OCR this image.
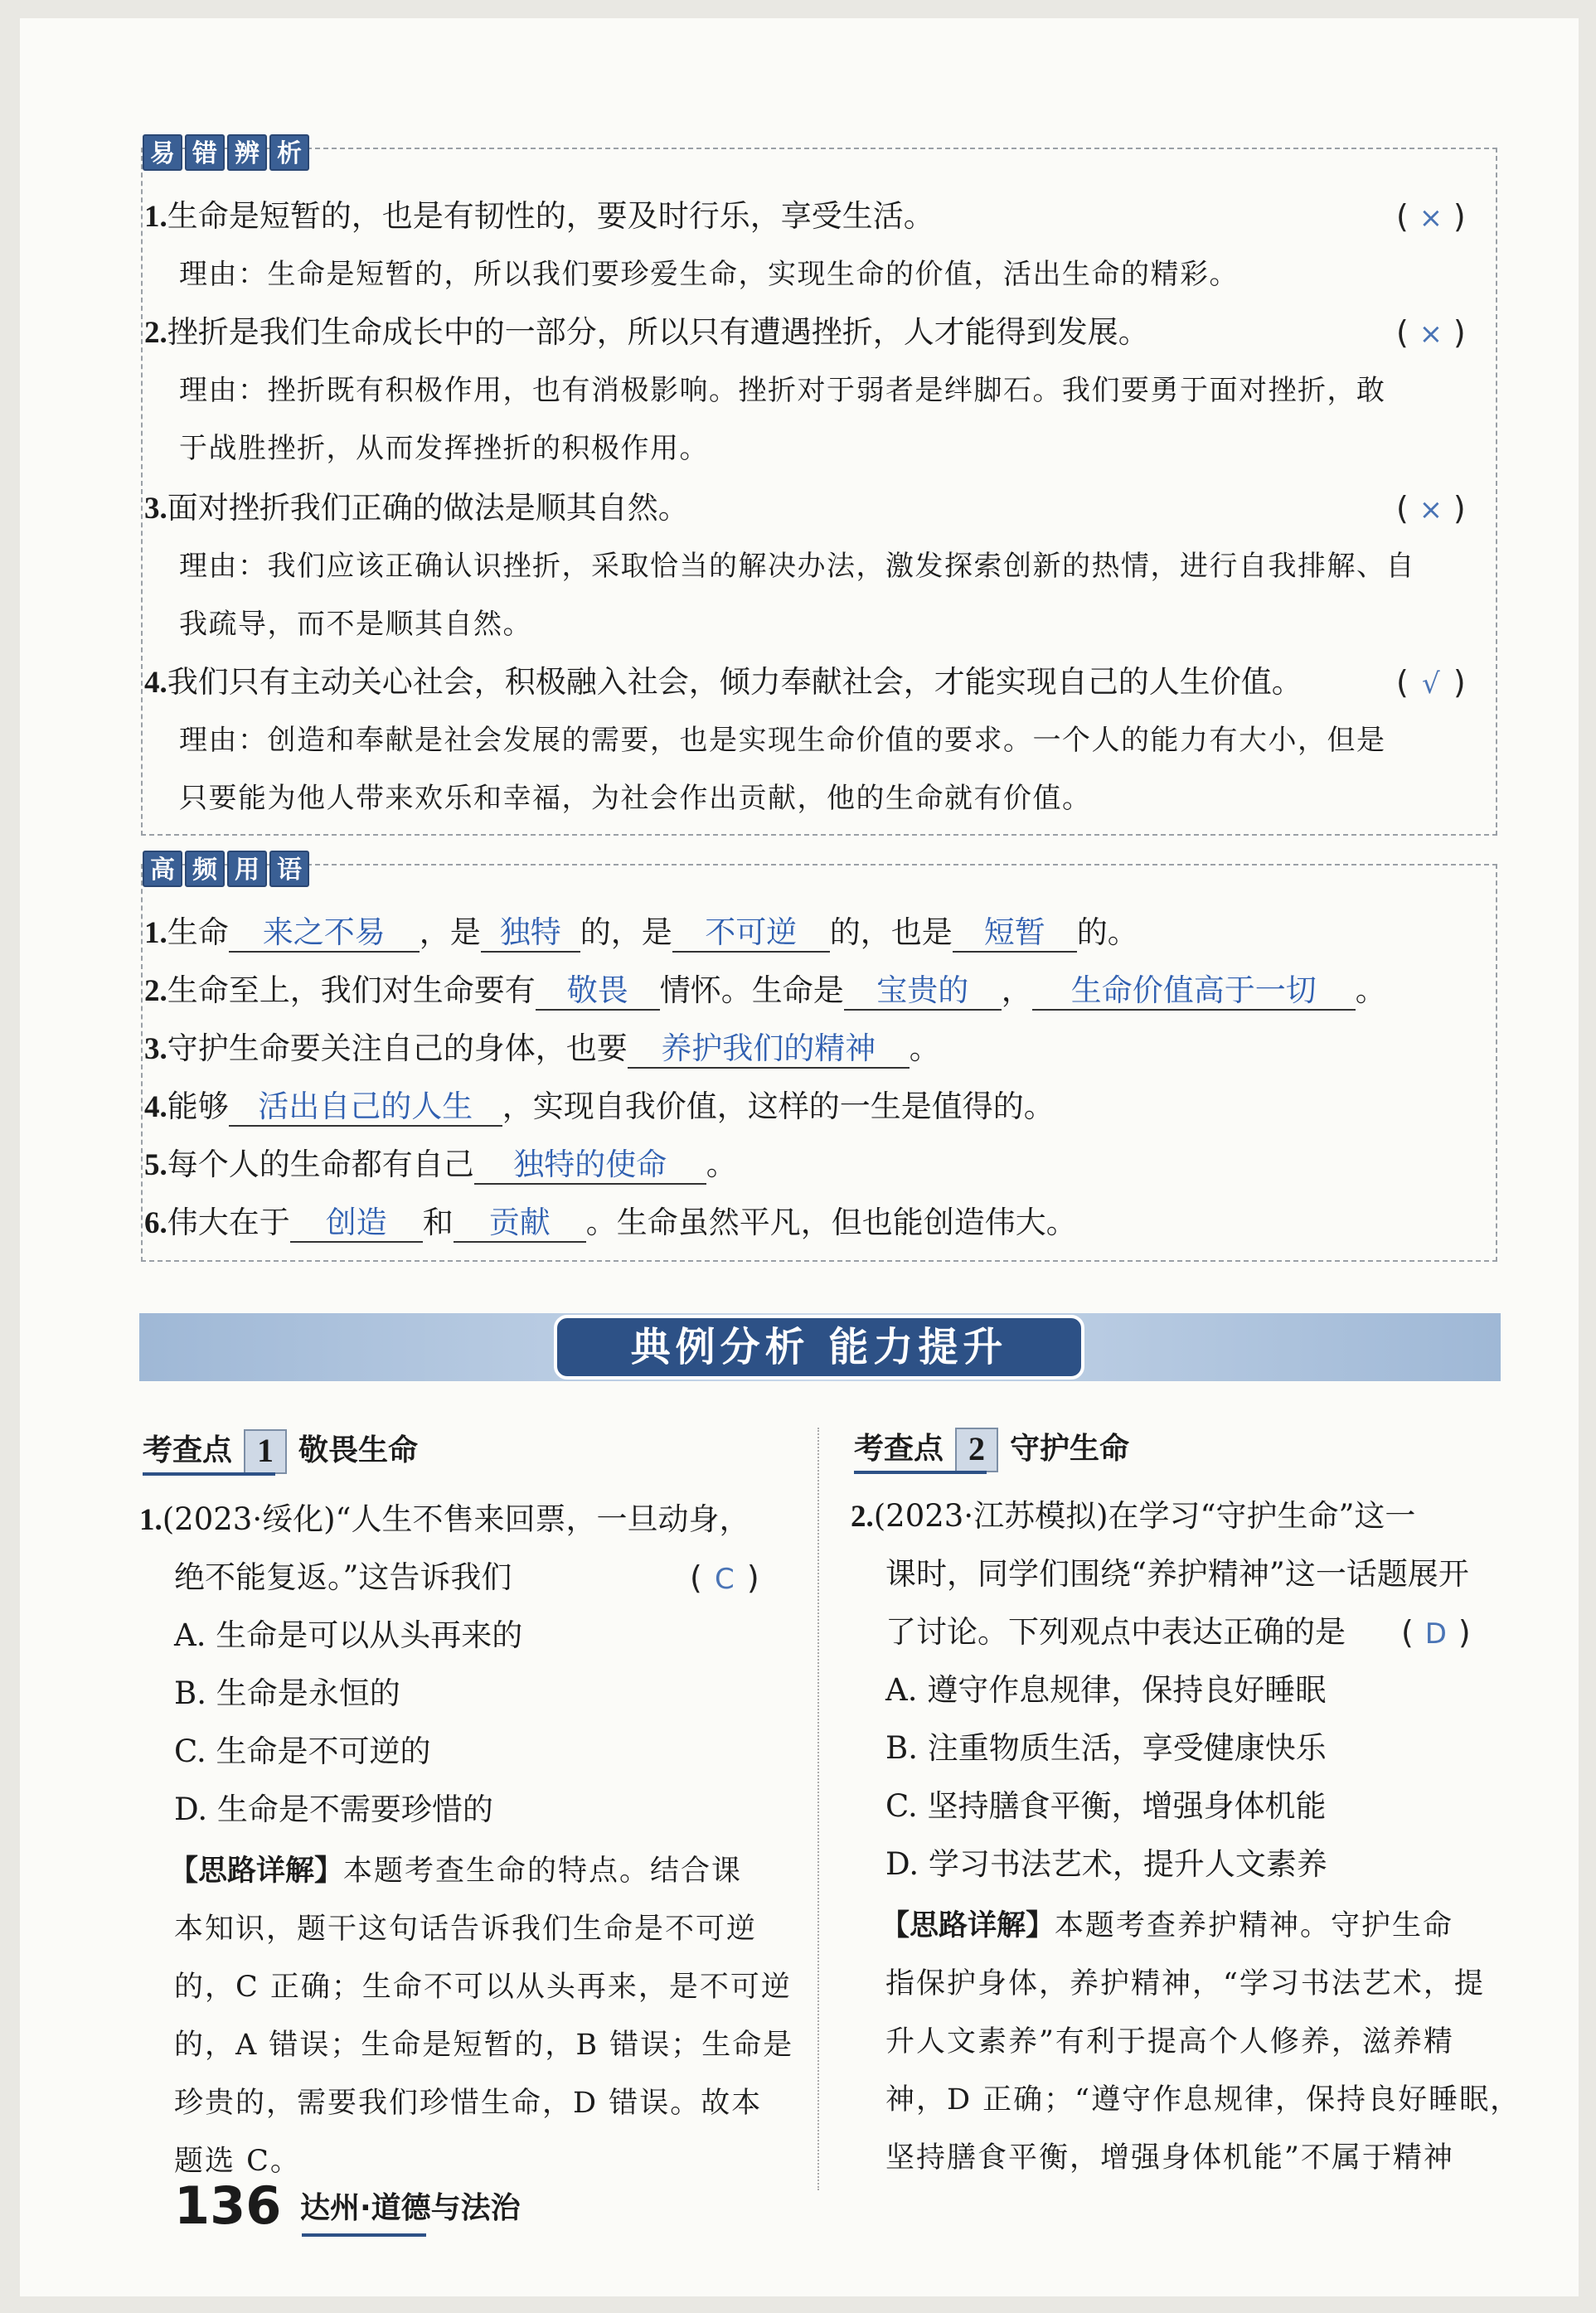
易 错 辨 析
1.生命是短暂的，也是有韧性的，要及时行乐，享受生活。	( × )
理由：生命是短暂的，所以我们要珍爱生命，实现生命的价值，活出生命的精彩。
2.挫折是我们生命成长中的一部分，所以只有遭遇挫折，人才能得到发展。	( × )
理由：挫折既有积极作用，也有消极影响。挫折对于弱者是绊脚石。我们要勇于面对挫折，敢
于战胜挫折，从而发挥挫折的积极作用。
3.面对挫折我们正确的做法是顺其自然。	( × )
理由：我们应该正确认识挫折，采取恰当的解决办法，激发探索创新的热情，进行自我排解、自
我疏导，而不是顺其自然。
4.我们只有主动关心社会，积极融入社会，倾力奉献社会，才能实现自己的人生价值。	( √ )
理由：创造和奉献是社会发展的需要，也是实现生命价值的要求。一个人的能力有大小，但是
只要能为他人带来欢乐和幸福，为社会作出贡献，他的生命就有价值。
高 频 用 语
1.生命 来之不易 ，是 独特 的，是 不可逆 的，也是 短暂 的。
2.生命至上，我们对生命要有 敬畏 情怀。生命是 宝贵的 ， 生命价值高于一切 。
3.守护生命要关注自己的身体，也要 养护我们的精神 。
4.能够 活出自己的人生 ，实现自我价值，这样的一生是值得的。
5.每个人的生命都有自己 独特的使命 。
6.伟大在于 创造 和 贡献 。生命虽然平凡，但也能创造伟大。
典例分析 能力提升
考查点 1 敬畏生命
1.(2023·绥化)“人生不售来回票，一旦动身，
绝不能复返。”这告诉我们	( C )
A. 生命是可以从头再来的
B. 生命是永恒的
C. 生命是不可逆的
D. 生命是不需要珍惜的
【思路详解】本题考查生命的特点。结合课
本知识，题干这句话告诉我们生命是不可逆
的，C 正确；生命不可以从头再来，是不可逆
的，A 错误；生命是短暂的，B 错误；生命是
珍贵的，需要我们珍惜生命，D 错误。故本
题选 C。
考查点 2 守护生命
2.(2023·江苏模拟)在学习“守护生命”这一
课时，同学们围绕“养护精神”这一话题展开
了讨论。下列观点中表达正确的是 ( D )
A. 遵守作息规律，保持良好睡眠
B. 注重物质生活，享受健康快乐
C. 坚持膳食平衡，增强身体机能
D. 学习书法艺术，提升人文素养
【思路详解】本题考查养护精神。守护生命
指保护身体，养护精神，“学习书法艺术，提
升人文素养”有利于提高个人修养，滋养精
神，D 正确；“遵守作息规律，保持良好睡眠，
坚持膳食平衡，增强身体机能”不属于精神
136 达州·道德与法治
